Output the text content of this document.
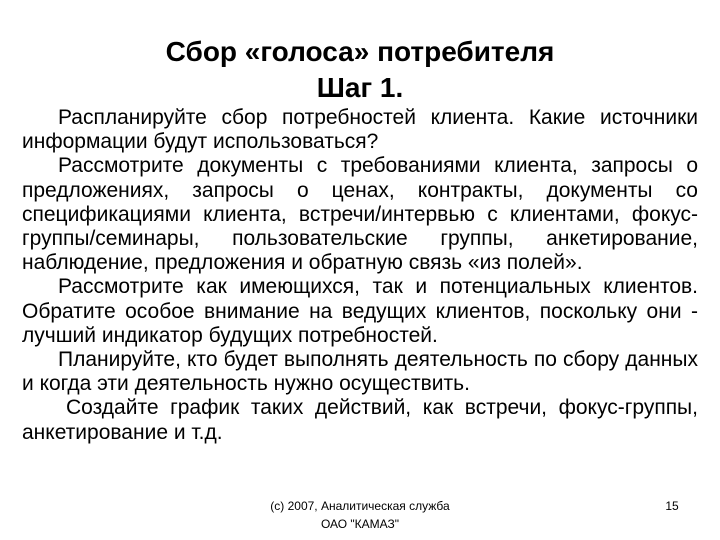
Сбор «голоса» потребителя
Шаг 1.

Распланируйте сбор потребностей клиента. Какие источники информации будут использоваться?

Рассмотрите документы с требованиями клиента, запросы о предложениях, запросы о ценах, контракты, документы со спецификациями клиента, встречи/интервью с клиентами, фокус-группы/семинары, пользовательские группы, анкетирование, наблюдение, предложения и обратную связь «из полей».

Рассмотрите как имеющихся, так и потенциальных клиентов. Обратите особое внимание на ведущих клиентов, поскольку они - лучший индикатор будущих потребностей.

Планируйте, кто будет выполнять деятельность по сбору данных и когда эти деятельность нужно осуществить.

Создайте график таких действий, как встречи, фокус-группы, анкетирование и т.д.

(c) 2007, Аналитическая служба
ОАО "КАМАЗ"
15
